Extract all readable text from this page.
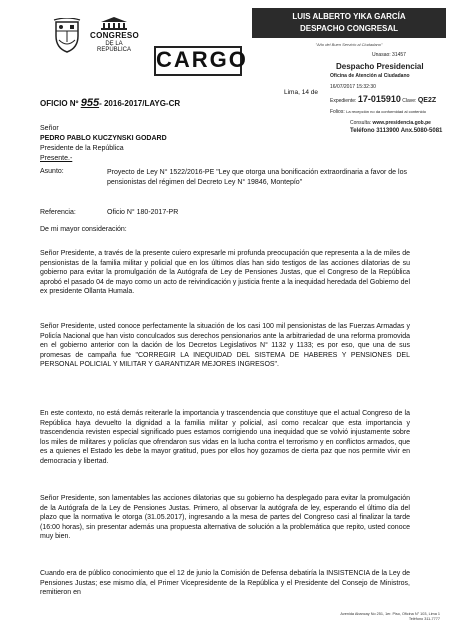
CONGRESO
DE LA
REPÚBLICA
LUIS ALBERTO YIKA GARCÍA
DESPACHO CONGRESAL
"Año del Buen Servicio al Ciudadano"
CARGO	Unasao: 31457
Despacho Presidencial
Oficina de Atención al Ciudadano
16/07/2017 15:32:30
Expediente: 17-015910 Clave: QE2Z
Folios: La recepción no da conformidad al contenido
Consulta: www.presidencia.gob.pe
Teléfono 3113900 Anx.5080-5081
Lima, 14 de
OFICIO Nº 955- 2016-2017/LAYG-CR
Señor
PEDRO PABLO KUCZYNSKI GODARD
Presidente de la República
Presente.-
Asunto:	Proyecto de Ley N° 1522/2016-PE "Ley que otorga una bonificación extraordinaria a favor de los pensionistas del régimen del Decreto Ley N° 19846, Montepío"
Referencia:	Oficio N° 180-2017-PR
De mi mayor consideración:
Señor Presidente, a través de la presente cuiero expresarle mi profunda preocupación que representa a la de miles de pensionistas de la familia militar y policial que en los últimos días han sido testigos de las acciones dilatorias de su gobierno para evitar la promulgación de la Autógrafa de Ley de Pensiones Justas, que el Congreso de la República aprobó el pasado 04 de mayo como un acto de reivindicación y justicia frente a la inequidad heredada del Gobierno del ex presidente Ollanta Humala.
Señor Presidente, usted conoce perfectamente la situación de los casi 100 mil pensionistas de las Fuerzas Armadas y Policía Nacional que han visto conculcados sus derechos pensionarios ante la arbitrariedad de una reforma promovida en el gobierno anterior con la dación de los Decretos Legislativos N° 1132 y 1133; es por eso, que una de sus promesas de campaña fue "CORREGIR LA INEQUIDAD DEL SISTEMA DE HABERES Y PENSIONES DEL PERSONAL POLICIAL Y MILITAR Y GARANTIZAR MEJORES INGRESOS".
En este contexto, no está demás reiterarle la importancia y trascendencia que constituye que el actual Congreso de la República haya devuelto la dignidad a la familia militar y policial, así como recalcar que esta importancia y trascendencia revisten especial significado pues estamos corrigiendo una inequidad que se volvió injustamente sobre los miles de militares y policías que ofrendaron sus vidas en la lucha contra el terrorismo y en conflictos armados, que es a quienes el Estado les debe la mayor gratitud, pues por ellos hoy gozamos de cierta paz que nos permite vivir en democracia y libertad.
Señor Presidente, son lamentables las acciones dilatorias que su gobierno ha desplegado para evitar la promulgación de la Autógrafa de la Ley de Pensiones Justas. Primero, al observar la autógrafa de ley, esperando el último día del plazo que la normativa le otorga (31.05.2017), ingresando a la mesa de partes del Congreso casi al finalizar la tarde (16:00 horas), sin presentar además una propuesta alternativa de solución a la problemática que repito, usted conoce muy bien.
Cuando era de público conocimiento que el 12 de junio la Comisión de Defensa debatiría la INSISTENCIA de la Ley de Pensiones Justas; ese mismo día, el Primer Vicepresidente de la República y el Presidente del Consejo de Ministros, remitieron en
Avenida Abancay No 251, 1er. Piso, Oficina N° 103, Lima 1
Teléfono 311-7777
